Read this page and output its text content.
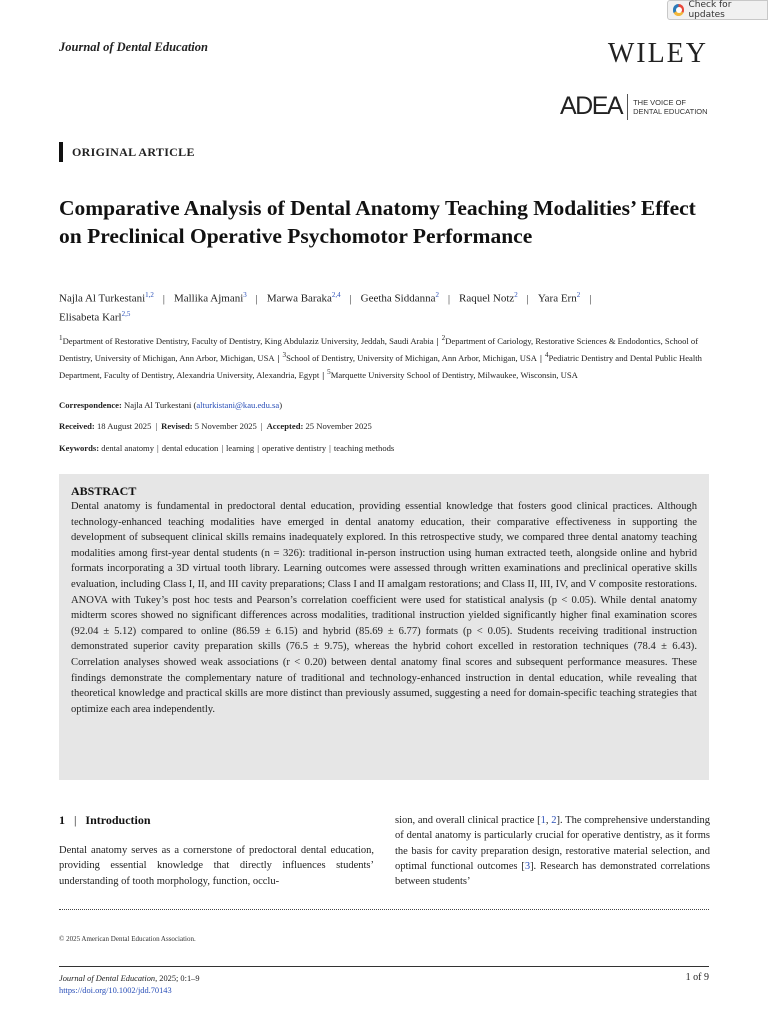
Check for updates
Journal of Dental Education	WILEY
ADEA THE VOICE OF
DENTAL EDUCATION
ORIGINAL ARTICLE
Comparative Analysis of Dental Anatomy Teaching Modalities’ Effect on Preclinical Operative Psychomotor Performance
Najla Al Turkestani$^{1,2}$ | Mallika Ajmani$^3$ | Marwa Baraka$^{2,4}$ | Geetha Siddanna$^2$ | Raquel Notz$^2$ | Yara Ern$^2$ |
Elisabeta Karl$^{2,5}$
$^1$Department of Restorative Dentistry, Faculty of Dentistry, King Abdulaziz University, Jeddah, Saudi Arabia | $^2$Department of Cariology, Restorative Sciences & Endodontics, School of Dentistry, University of Michigan, Ann Arbor, Michigan, USA | $^3$School of Dentistry, University of Michigan, Ann Arbor, Michigan, USA | $^4$Pediatric Dentistry and Dental Public Health Department, Faculty of Dentistry, Alexandria University, Alexandria, Egypt | $^5$Marquette University School of Dentistry, Milwaukee, Wisconsin, USA
Correspondence: Najla Al Turkestani (alturkistani@kau.edu.sa)
Received: 18 August 2025 | Revised: 5 November 2025 | Accepted: 25 November 2025
Keywords: dental anatomy | dental education | learning | operative dentistry | teaching methods
ABSTRACT

Dental anatomy is fundamental in predoctoral dental education, providing essential knowledge that fosters good clinical practices. Although technology-enhanced teaching modalities have emerged in dental anatomy education, their comparative effectiveness in supporting the development of subsequent clinical skills remains inadequately explored. In this retrospective study, we compared three dental anatomy teaching modalities among first-year dental students (n = 326): traditional in-person instruction using human extracted teeth, alongside online and hybrid formats incorporating a 3D virtual tooth library. Learning outcomes were assessed through written examinations and preclinical operative skills evaluation, including Class I, II, and III cavity preparations; Class I and II amalgam restorations; and Class II, III, IV, and V composite restorations. ANOVA with Tukey’s post hoc tests and Pearson’s correlation coefficient were used for statistical analysis (p < 0.05). While dental anatomy midterm scores showed no significant differences across modalities, traditional instruction yielded significantly higher final examination scores (92.04 ± 5.12) compared to online (86.59 ± 6.15) and hybrid (85.69 ± 6.77) formats (p < 0.05). Students receiving traditional instruction demonstrated superior cavity preparation skills (76.5 ± 9.75), whereas the hybrid cohort excelled in restoration techniques (78.4 ± 6.43). Correlation analyses showed weak associations (r < 0.20) between dental anatomy final scores and subsequent performance measures. These findings demonstrate the complementary nature of traditional and technology-enhanced instruction in dental education, while revealing that theoretical knowledge and practical skills are more distinct than previously assumed, suggesting a need for domain-specific teaching strategies that optimize each area independently.

1 | Introduction

Dental anatomy serves as a cornerstone of predoctoral dental education, providing essential knowledge that directly influences students’ understanding of tooth morphology, function, occlu-

sion, and overall clinical practice [1, 2]. The comprehensive understanding of dental anatomy is particularly crucial for operative dentistry, as it forms the basis for cavity preparation design, restorative material selection, and optimal functional outcomes [3]. Research has demonstrated correlations between students’

© 2025 American Dental Education Association.
Journal of Dental Education, 2025; 0:1–9
https://doi.org/10.1002/jdd.70143
1 of 9
